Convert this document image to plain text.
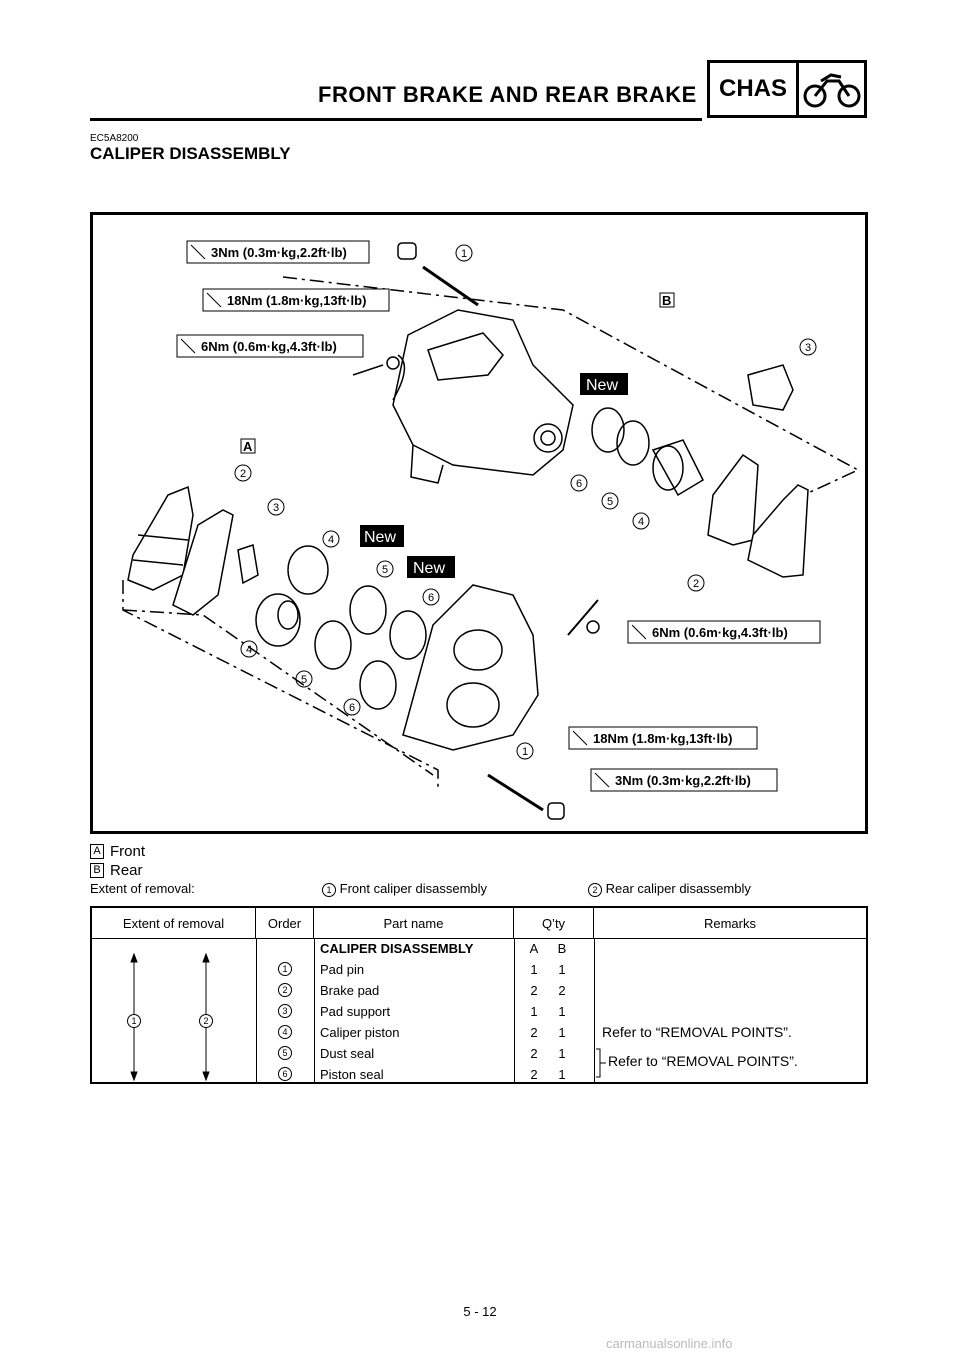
FRONT BRAKE AND REAR BRAKE CHAS
EC5A8200
CALIPER DISASSEMBLY
3Nm (0.3m·kg,2.2ft·lb)
18Nm (1.8m·kg,13ft·lb)
6Nm (0.6m·kg,4.3ft·lb)
6Nm (0.6m·kg,4.3ft·lb)
18Nm (1.8m·kg,13ft·lb)
3Nm (0.3m·kg,2.2ft·lb)
New
New
New
A
B
1
3
6
5
4
2
2
3
4
5
6
4
5
6
1
A Front
B Rear
Extent of removal:	1 Front caliper disassembly	2 Rear caliper disassembly
Extent of removal	Order	Part name	Q’ty	Remarks
1	2
CALIPER DISASSEMBLY	A	B
1	Pad pin	1	1
2	Brake pad	2	2
3	Pad support	1	1
4	Caliper piston	2	1	Refer to “REMOVAL POINTS”.
5	Dust seal	2	1
6	Piston seal	2	1
Refer to “REMOVAL POINTS”.
5 - 12
carmanualsonline.info
